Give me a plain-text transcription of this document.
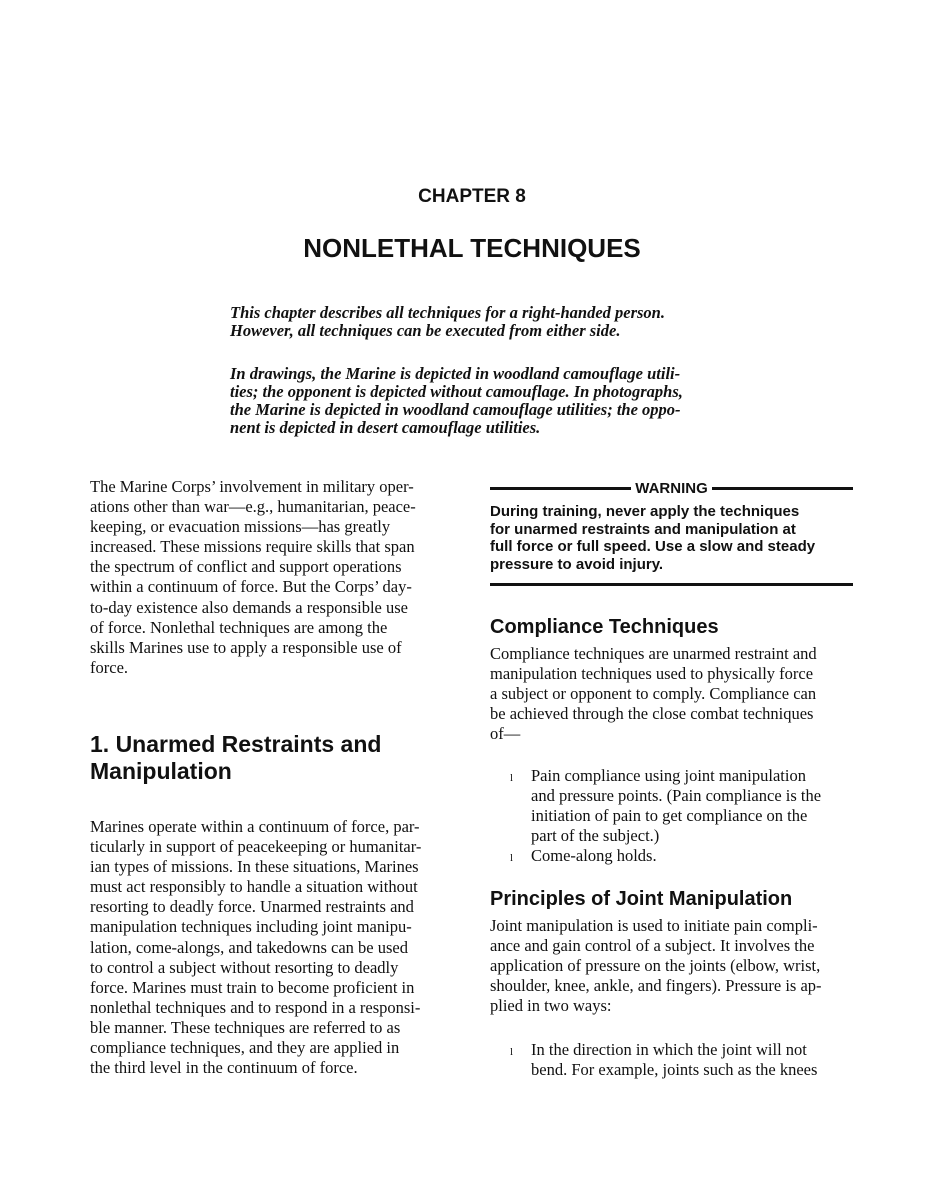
CHAPTER 8
NONLETHAL TECHNIQUES
This chapter describes all techniques for a right-handed person.
However, all techniques can be executed from either side.
In drawings, the Marine is depicted in woodland camouflage utili-
ties; the opponent is depicted without camouflage. In photographs,
the Marine is depicted in woodland camouflage utilities; the oppo-
nent is depicted in desert camouflage utilities.
The Marine Corps’ involvement in military oper-
ations other than war—e.g., humanitarian, peace-
keeping, or evacuation missions—has greatly
increased. These missions require skills that span
the spectrum of conflict and support operations
within a continuum of force. But the Corps’ day-
to-day existence also demands a responsible use
of force. Nonlethal techniques are among the
skills Marines use to apply a responsible use of
force.
1. Unarmed Restraints and
Manipulation
Marines operate within a continuum of force, par-
ticularly in support of peacekeeping or humanitar-
ian types of missions. In these situations, Marines
must act responsibly to handle a situation without
resorting to deadly force. Unarmed restraints and
manipulation techniques including joint manipu-
lation, come-alongs, and takedowns can be used
to control a subject without resorting to deadly
force. Marines must train to become proficient in
nonlethal techniques and to respond in a responsi-
ble manner. These techniques are referred to as
compliance techniques, and they are applied in
the third level in the continuum of force.
WARNING
During training, never apply the techniques
for unarmed restraints and manipulation at
full force or full speed. Use a slow and steady
pressure to avoid injury.
Compliance Techniques
Compliance techniques are unarmed restraint and
manipulation techniques used to physically force
a subject or opponent to comply. Compliance can
be achieved through the close combat techniques
of—
l Pain compliance using joint manipulation
and pressure points. (Pain compliance is the
initiation of pain to get compliance on the
part of the subject.)
l Come-along holds.
Principles of Joint Manipulation
Joint manipulation is used to initiate pain compli-
ance and gain control of a subject. It involves the
application of pressure on the joints (elbow, wrist,
shoulder, knee, ankle, and fingers). Pressure is ap-
plied in two ways:
l In the direction in which the joint will not
bend. For example, joints such as the knees
